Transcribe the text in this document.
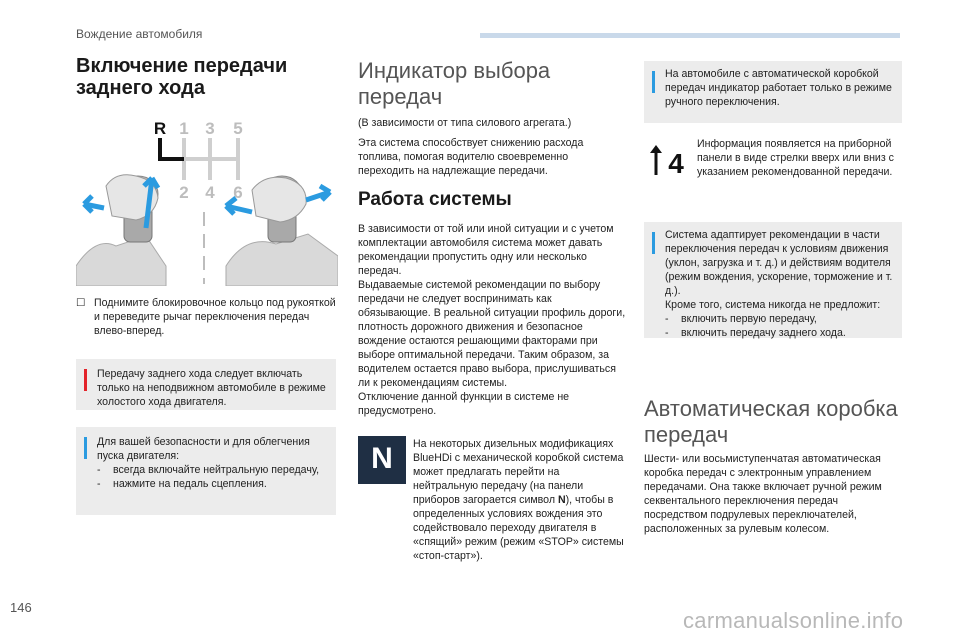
Вождение автомобиля
Включение передачи заднего хода
R 1 3 5
2 4 6
☐ Поднимите блокировочное кольцо под рукояткой и переведите рычаг переключения передач влево-вперед.
Передачу заднего хода следует включать только на неподвижном автомобиле в режиме холостого хода двигателя.

Для вашей безопасности и для облегчения пуска двигателя:

- всегда включайте нейтральную передачу,
- нажмите на педаль сцепления.
Индикатор выбора передач
(В зависимости от типа силового агрегата.)
Эта система способствует снижению расхода топлива, помогая водителю своевременно переходить на надлежащие передачи.
Работа системы
В зависимости от той или иной ситуации и с учетом комплектации автомобиля система может давать рекомендации пропустить одну или несколько передач.
Выдаваемые системой рекомендации по выбору передачи не следует воспринимать как обязывающие. В реальной ситуации профиль дороги, плотность дорожного движения и безопасное вождение остаются решающими факторами при выборе оптимальной передачи. Таким образом, за водителем остается право выбора, прислушиваться ли к рекомендациям системы.
Отключение данной функции в системе не предусмотрено.
N	На некоторых дизельных модификациях BlueHDi с механической коробкой система может предлагать перейти на нейтральную передачу (на панели приборов загорается символ N), чтобы в определенных условиях вождения это содействовало переходу двигателя в «спящий» режим (режим «STOP» системы «стоп-старт»).
На автомобиле с автоматической коробкой передач индикатор работает только в режиме ручного переключения.
4
Информация появляется на приборной панели в виде стрелки вверх или вниз с указанием рекомендованной передачи.

Система адаптирует рекомендации в части переключения передач к условиям движения (уклон, загрузка и т. д.) и действиям водителя (режим вождения, ускорение, торможение и т. д.).
Кроме того, система никогда не предложит:

- включить первую передачу,
- включить передачу заднего хода.
Автоматическая коробка передач
Шести- или восьмиступенчатая автоматическая коробка передач с электронным управлением передачами. Она также включает ручной режим секвентального переключения передач посредством подрулевых переключателей, расположенных за рулевым колесом.
146
carmanualsonline.info
